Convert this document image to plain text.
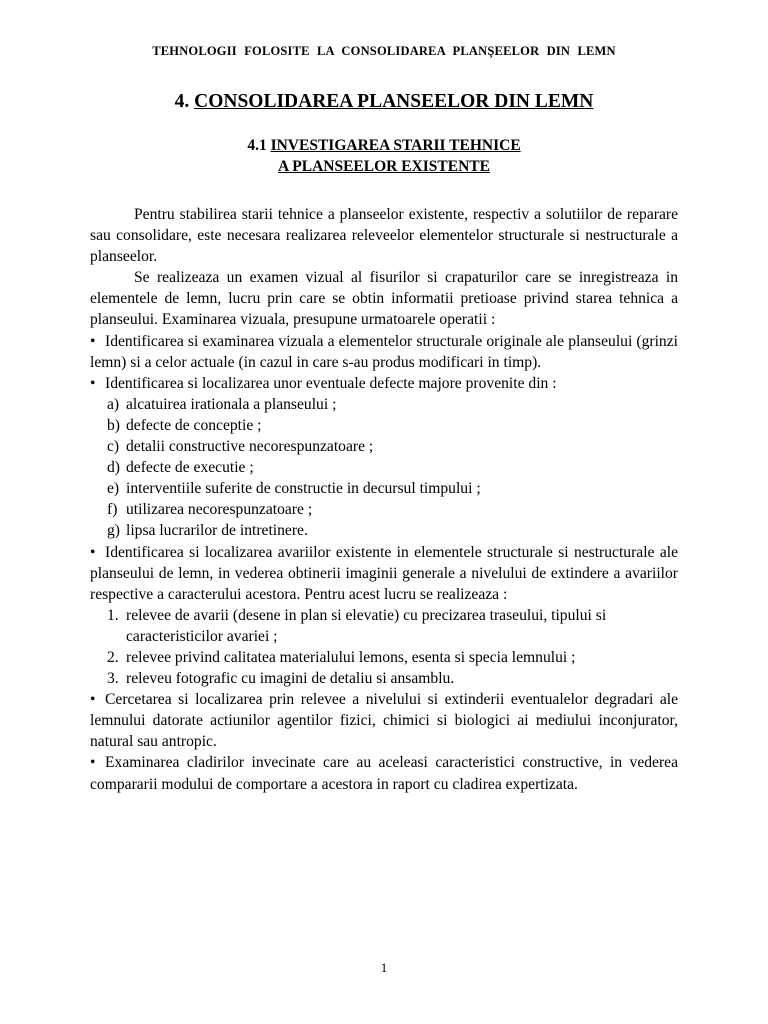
TEHNOLOGII FOLOSITE LA CONSOLIDAREA PLANŞEELOR DIN LEMN
4. CONSOLIDAREA PLANSEELOR DIN LEMN
4.1 INVESTIGAREA STARII TEHNICE
A PLANSEELOR EXISTENTE

Pentru stabilirea starii tehnice a planseelor existente, respectiv a solutiilor de reparare sau consolidare, este necesara realizarea releveelor elementelor structurale si nestructurale a planseelor.

Se realizeaza un examen vizual al fisurilor si crapaturilor care se inregistreaza in elementele de lemn, lucru prin care se obtin informatii pretioase privind starea tehnica a planseului. Examinarea vizuala, presupune urmatoarele operatii :

• Identificarea si examinarea vizuala a elementelor structurale originale ale planseului (grinzi lemn) si a celor actuale (in cazul in care s-au produs modificari in timp).

• Identificarea si localizarea unor eventuale defecte majore provenite din :

a) alcatuirea irationala a planseului ;
b) defecte de conceptie ;
c) detalii constructive necorespunzatoare ;
d) defecte de executie ;
e) interventiile suferite de constructie in decursul timpului ;
f) utilizarea necorespunzatoare ;
g) lipsa lucrarilor de intretinere.

• Identificarea si localizarea avariilor existente in elementele structurale si nestructurale ale planseului de lemn, in vederea obtinerii imaginii generale a nivelului de extindere a avariilor respective a caracterului acestora. Pentru acest lucru se realizeaza :

1. relevee de avarii (desene in plan si elevatie) cu precizarea traseului, tipului si caracteristicilor avariei ;
2. relevee privind calitatea materialului lemons, esenta si specia lemnului ;
3. releveu fotografic cu imagini de detaliu si ansamblu.

• Cercetarea si localizarea prin relevee a nivelului si extinderii eventualelor degradari ale lemnului datorate actiunilor agentilor fizici, chimici si biologici ai mediului inconjurator, natural sau antropic.

• Examinarea cladirilor invecinate care au aceleasi caracteristici constructive, in vederea compararii modului de comportare a acestora in raport cu cladirea expertizata.

1
